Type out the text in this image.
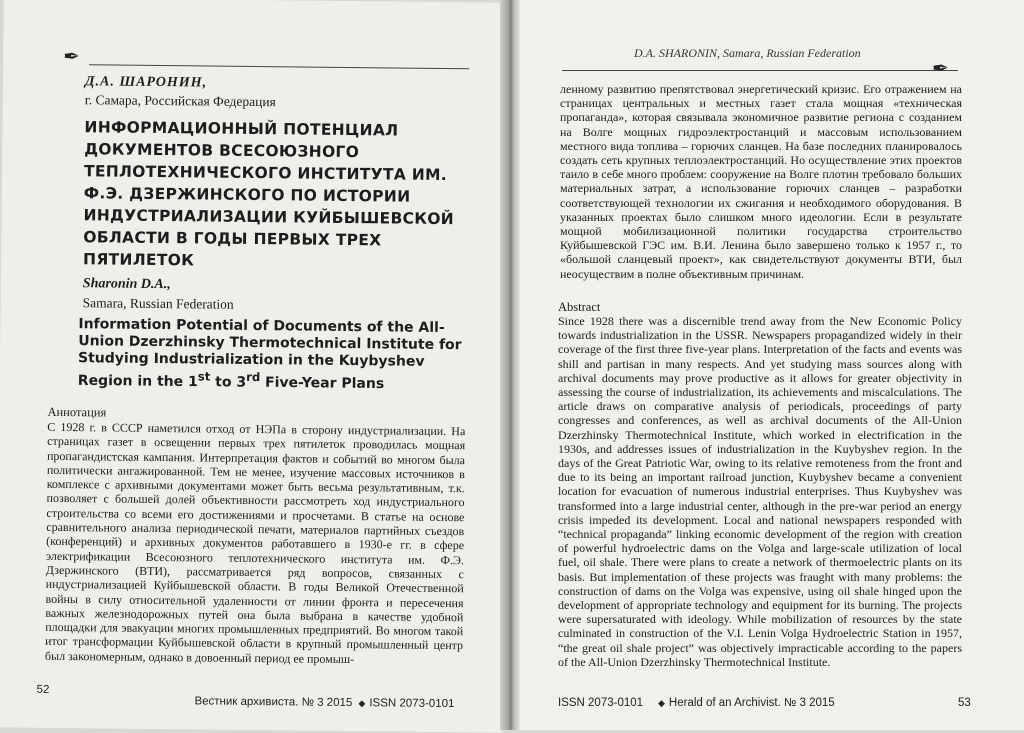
✒
Д.А. ШАРОНИН,
г. Самара, Российская Федерация
ИНФОРМАЦИОННЫЙ ПОТЕНЦИАЛ ДОКУМЕНТОВ ВСЕСОЮЗНОГО ТЕПЛОТЕХНИЧЕСКОГО ИНСТИТУТА ИМ. Ф.Э. ДЗЕРЖИНСКОГО ПО ИСТОРИИ ИНДУСТРИАЛИЗАЦИИ КУЙБЫШЕВСКОЙ ОБЛАСТИ В ГОДЫ ПЕРВЫХ ТРЕХ ПЯТИЛЕТОК
Sharonin D.A.,
Samara, Russian Federation
Information Potential of Documents of the All-Union Dzerzhinsky Thermotechnical Institute for Studying Industrialization in the Kuybyshev Region in the 1st to 3rd Five-Year Plans
Аннотация

С 1928 г. в СССР наметился отход от НЭПа в сторону индустриализации. На страницах газет в освещении первых трех пятилеток проводилась мощная пропагандистская кампания. Интерпретация фактов и событий во многом была политически ангажированной. Тем не менее, изучение массовых источников в комплексе с архивными документами может быть весьма результативным, т.к. позволяет с большей долей объективности рассмотреть ход индустриального строительства со всеми его достижениями и просчетами. В статье на основе сравнительного анализа периодической печати, материалов партийных съездов (конференций) и архивных документов работавшего в 1930-е гг. в сфере электрификации Всесоюзного теплотехнического института им. Ф.Э. Дзержинского (ВТИ), рассматривается ряд вопросов, связанных с индустриализацией Куйбышевской области. В годы Великой Отечественной войны в силу относительной удаленности от линии фронта и пересечения важных железнодорожных путей она была выбрана в качестве удобной площадки для эвакуации многих промышленных предприятий. Во многом такой итог трансформации Куйбышевской области в крупный промышленный центр был закономерным, однако в довоенный период ее промыш-

52
Вестник архивиста. № 3 2015 ◆ ISSN 2073-0101
D.A. SHARONIN, Samara, Russian Federation
✒

ленному развитию препятствовал энергетический кризис. Его отражением на страницах центральных и местных газет стала мощная «техническая пропаганда», которая связывала экономичное развитие региона с созданием на Волге мощных гидроэлектростанций и массовым использованием местного вида топлива – горючих сланцев. На базе последних планировалось создать сеть крупных теплоэлектростанций. Но осуществление этих проектов таило в себе много проблем: сооружение на Волге плотин требовало больших материальных затрат, а использование горючих сланцев – разработки соответствующей технологии их сжигания и необходимого оборудования. В указанных проектах было слишком много идеологии. Если в результате мощной мобилизационной политики государства строительство Куйбышевской ГЭС им. В.И. Ленина было завершено только к 1957 г., то «большой сланцевый проект», как свидетельствуют документы ВТИ, был неосуществим в полне объективным причинам.

Abstract

Since 1928 there was a discernible trend away from the New Economic Policy towards industrialization in the USSR. Newspapers propagandized widely in their coverage of the first three five-year plans. Interpretation of the facts and events was shill and partisan in many respects. And yet studying mass sources along with archival documents may prove productive as it allows for greater objectivity in assessing the course of industrialization, its achievements and miscalculations. The article draws on comparative analysis of periodicals, proceedings of party congresses and conferences, as well as archival documents of the All-Union Dzerzhinsky Thermotechnical Institute, which worked in electrification in the 1930s, and addresses issues of industrialization in the Kuybyshev region. In the days of the Great Patriotic War, owing to its relative remoteness from the front and due to its being an important railroad junction, Kuybyshev became a convenient location for evacuation of numerous industrial enterprises. Thus Kuybyshev was transformed into a large industrial center, although in the pre-war period an energy crisis impeded its development. Local and national newspapers responded with “technical propaganda” linking economic development of the region with creation of powerful hydroelectric dams on the Volga and large-scale utilization of local fuel, oil shale. There were plans to create a network of thermoelectric plants on its basis. But implementation of these projects was fraught with many problems: the construction of dams on the Volga was expensive, using oil shale hinged upon the development of appropriate technology and equipment for its burning. The projects were supersaturated with ideology. While mobilization of resources by the state culminated in construction of the V.I. Lenin Volga Hydroelectric Station in 1957, “the great oil shale project” was objectively impracticable according to the papers of the All-Union Dzerzhinsky Thermotechnical Institute.

ISSN 2073-0101	◆ Herald of an Archivist. № 3 2015	53
